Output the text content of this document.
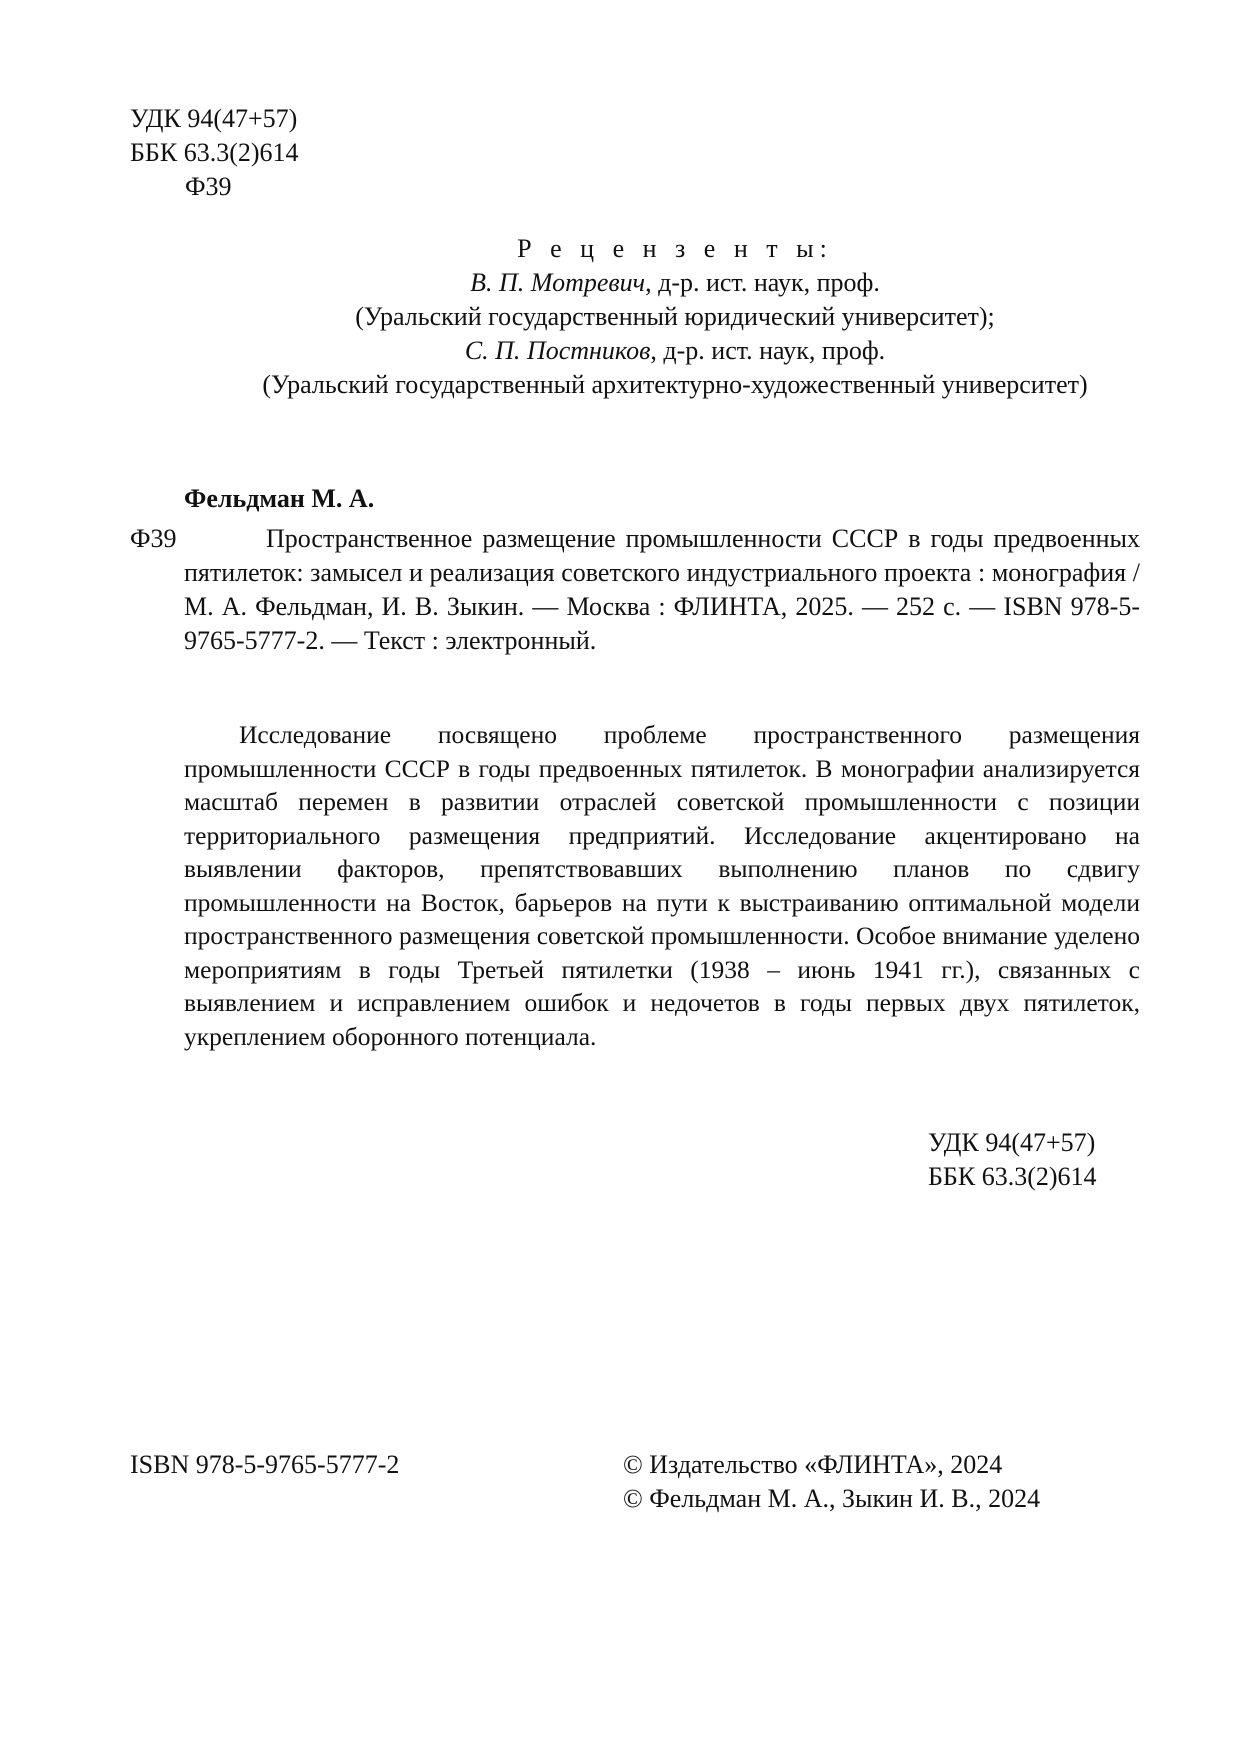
УДК 94(47+57)
ББК 63.3(2)614
Ф39
Р е ц е н з е н т ы:
В. П. Мотревич, д-р. ист. наук, проф.
(Уральский государственный юридический университет);
С. П. Постников, д-р. ист. наук, проф.
(Уральский государственный архитектурно-художественный университет)
Фельдман М. А.
Ф39	Пространственное размещение промышленности СССР в годы предвоенных пятилеток: замысел и реализация советского индустриального проекта : монография / М. А. Фельдман, И. В. Зыкин. — Москва : ФЛИНТА, 2025. — 252 с. — ISBN 978-5-9765-5777-2. — Текст : электронный.
Исследование посвящено проблеме пространственного размещения промышленности СССР в годы предвоенных пятилеток. В монографии анализируется масштаб перемен в развитии отраслей советской промышленности с позиции территориального размещения предприятий. Исследование акцентировано на выявлении факторов, препятствовавших выполнению планов по сдвигу промышленности на Восток, барьеров на пути к выстраиванию оптимальной модели пространственного размещения советской промышленности. Особое внимание уделено мероприятиям в годы Третьей пятилетки (1938 – июнь 1941 гг.), связанных с выявлением и исправлением ошибок и недочетов в годы первых двух пятилеток, укреплением оборонного потенциала.
УДК 94(47+57)
ББК 63.3(2)614
ISBN 978-5-9765-5777-2	© Издательство «ФЛИНТА», 2024
© Фельдман М. А., Зыкин И. В., 2024
